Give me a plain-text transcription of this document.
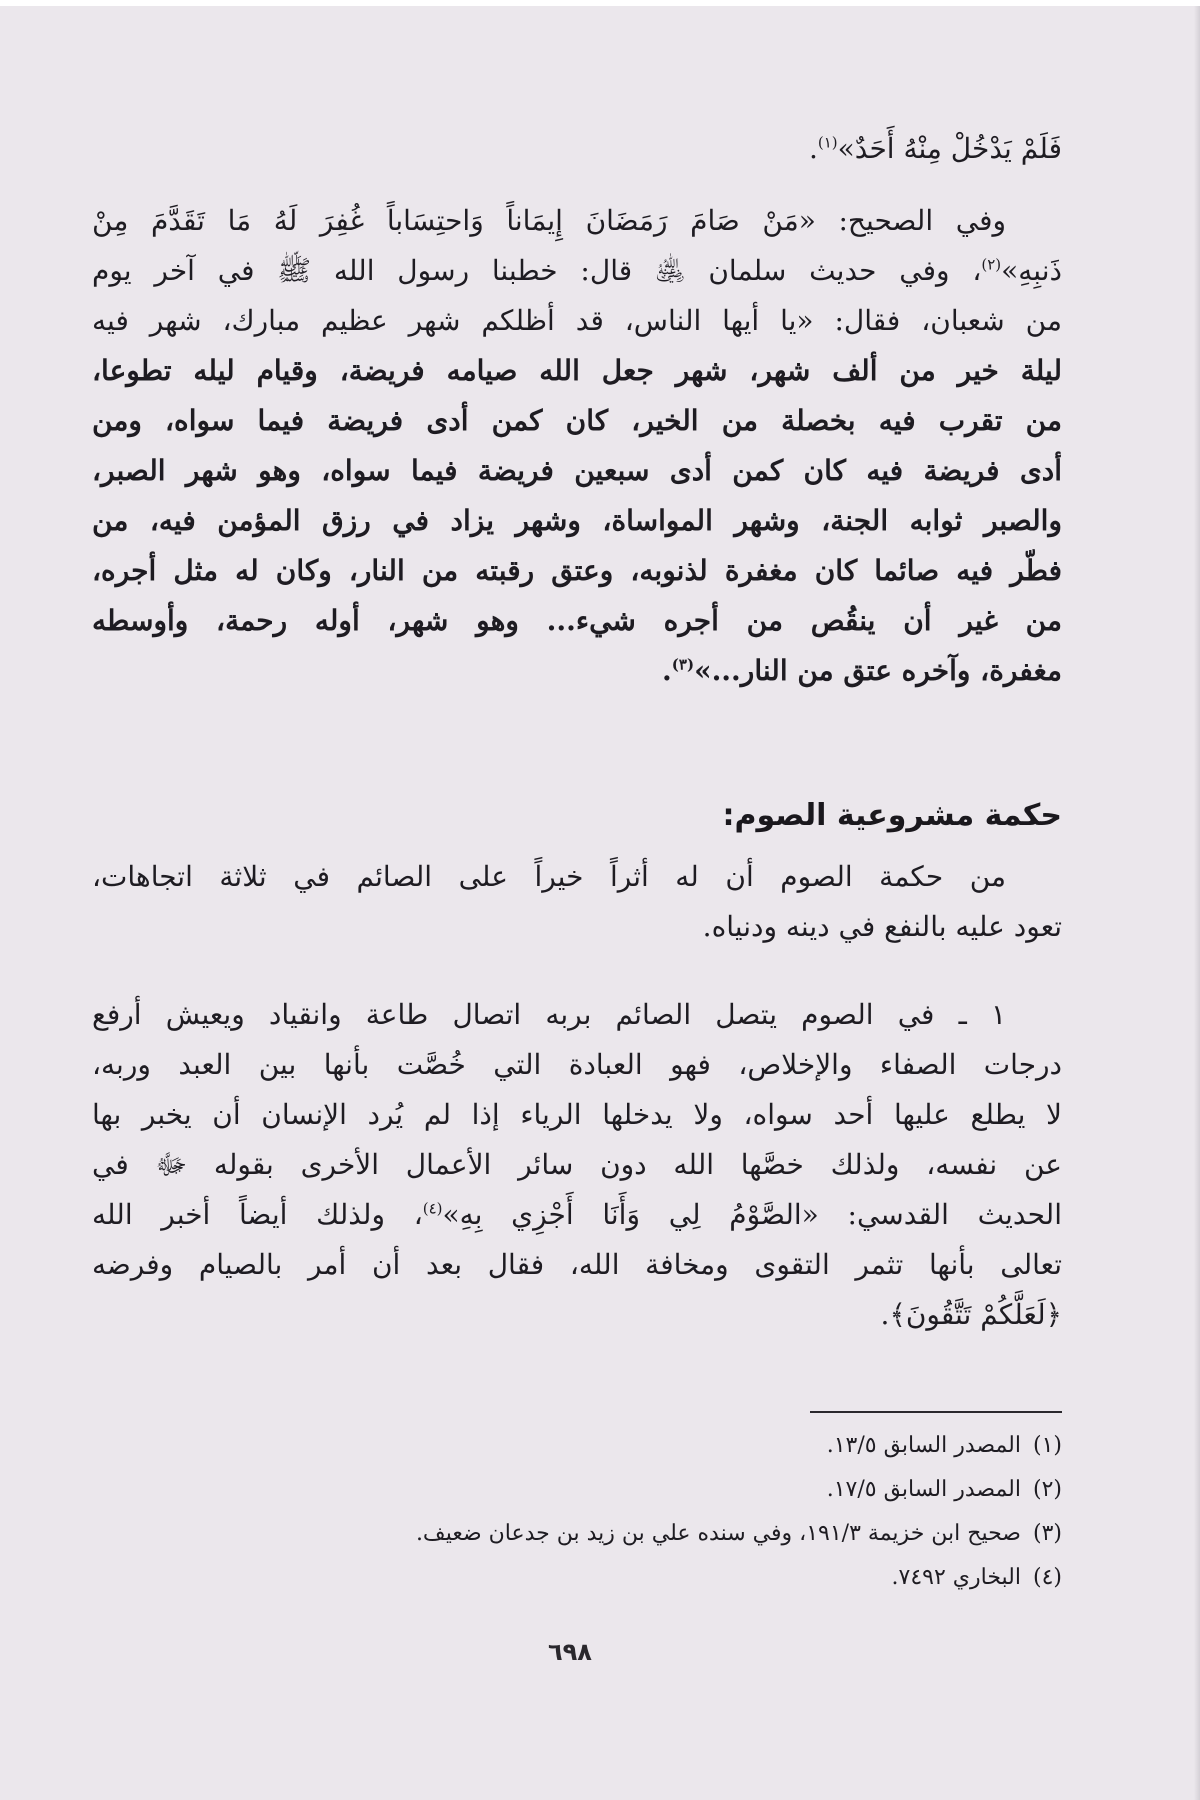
فَلَمْ يَدْخُلْ مِنْهُ أَحَدٌ»$^{(١)}$.
وفي الصحيح: «مَنْ صَامَ رَمَضَانَ إِيمَاناً وَاحتِسَاباً غُفِرَ لَهُ مَا تَقَدَّمَ مِنْ
ذَنبِهِ»$^{(٢)}$، وفي حديث سلمان ﵁ قال: خطبنا رسول الله ﷺ في آخر يوم
من شعبان، فقال: «يا أيها الناس، قد أظلكم شهر عظيم مبارك، شهر فيه
ليلة خير من ألف شهر، شهر جعل الله صيامه فريضة، وقيام ليله تطوعا،
من تقرب فيه بخصلة من الخير، كان كمن أدى فريضة فيما سواه، ومن
أدى فريضة فيه كان كمن أدى سبعين فريضة فيما سواه، وهو شهر الصبر،
والصبر ثوابه الجنة، وشهر المواساة، وشهر يزاد في رزق المؤمن فيه، من
فطّر فيه صائما كان مغفرة لذنوبه، وعتق رقبته من النار، وكان له مثل أجره،
من غير أن ينقُص من أجره شيء... وهو شهر، أوله رحمة، وأوسطه
مغفرة، وآخره عتق من النار...»$^{(٣)}$.
حكمة مشروعية الصوم:
من حكمة الصوم أن له أثراً خيراً على الصائم في ثلاثة اتجاهات،
تعود عليه بالنفع في دينه ودنياه.
١ ـ في الصوم يتصل الصائم بربه اتصال طاعة وانقياد ويعيش أرفع
درجات الصفاء والإخلاص، فهو العبادة التي خُصَّت بأنها بين العبد وربه،
لا يطلع عليها أحد سواه، ولا يدخلها الرياء إذا لم يُرد الإنسان أن يخبر بها
عن نفسه، ولذلك خصَّها الله دون سائر الأعمال الأخرى بقوله ﷻ في
الحديث القدسي: «الصَّوْمُ لِي وَأَنَا أَجْزِي بِهِ»$^{(٤)}$، ولذلك أيضاً أخبر الله
تعالى بأنها تثمر التقوى ومخافة الله، فقال بعد أن أمر بالصيام وفرضه
﴿لَعَلَّكُمْ تَتَّقُونَ﴾.
(١)المصدر السابق ١٣/٥.
(٢)المصدر السابق ١٧/٥.
(٣)صحيح ابن خزيمة ١٩١/٣، وفي سنده علي بن زيد بن جدعان ضعيف.
(٤)البخاري ٧٤٩٢.
٦٩٨
